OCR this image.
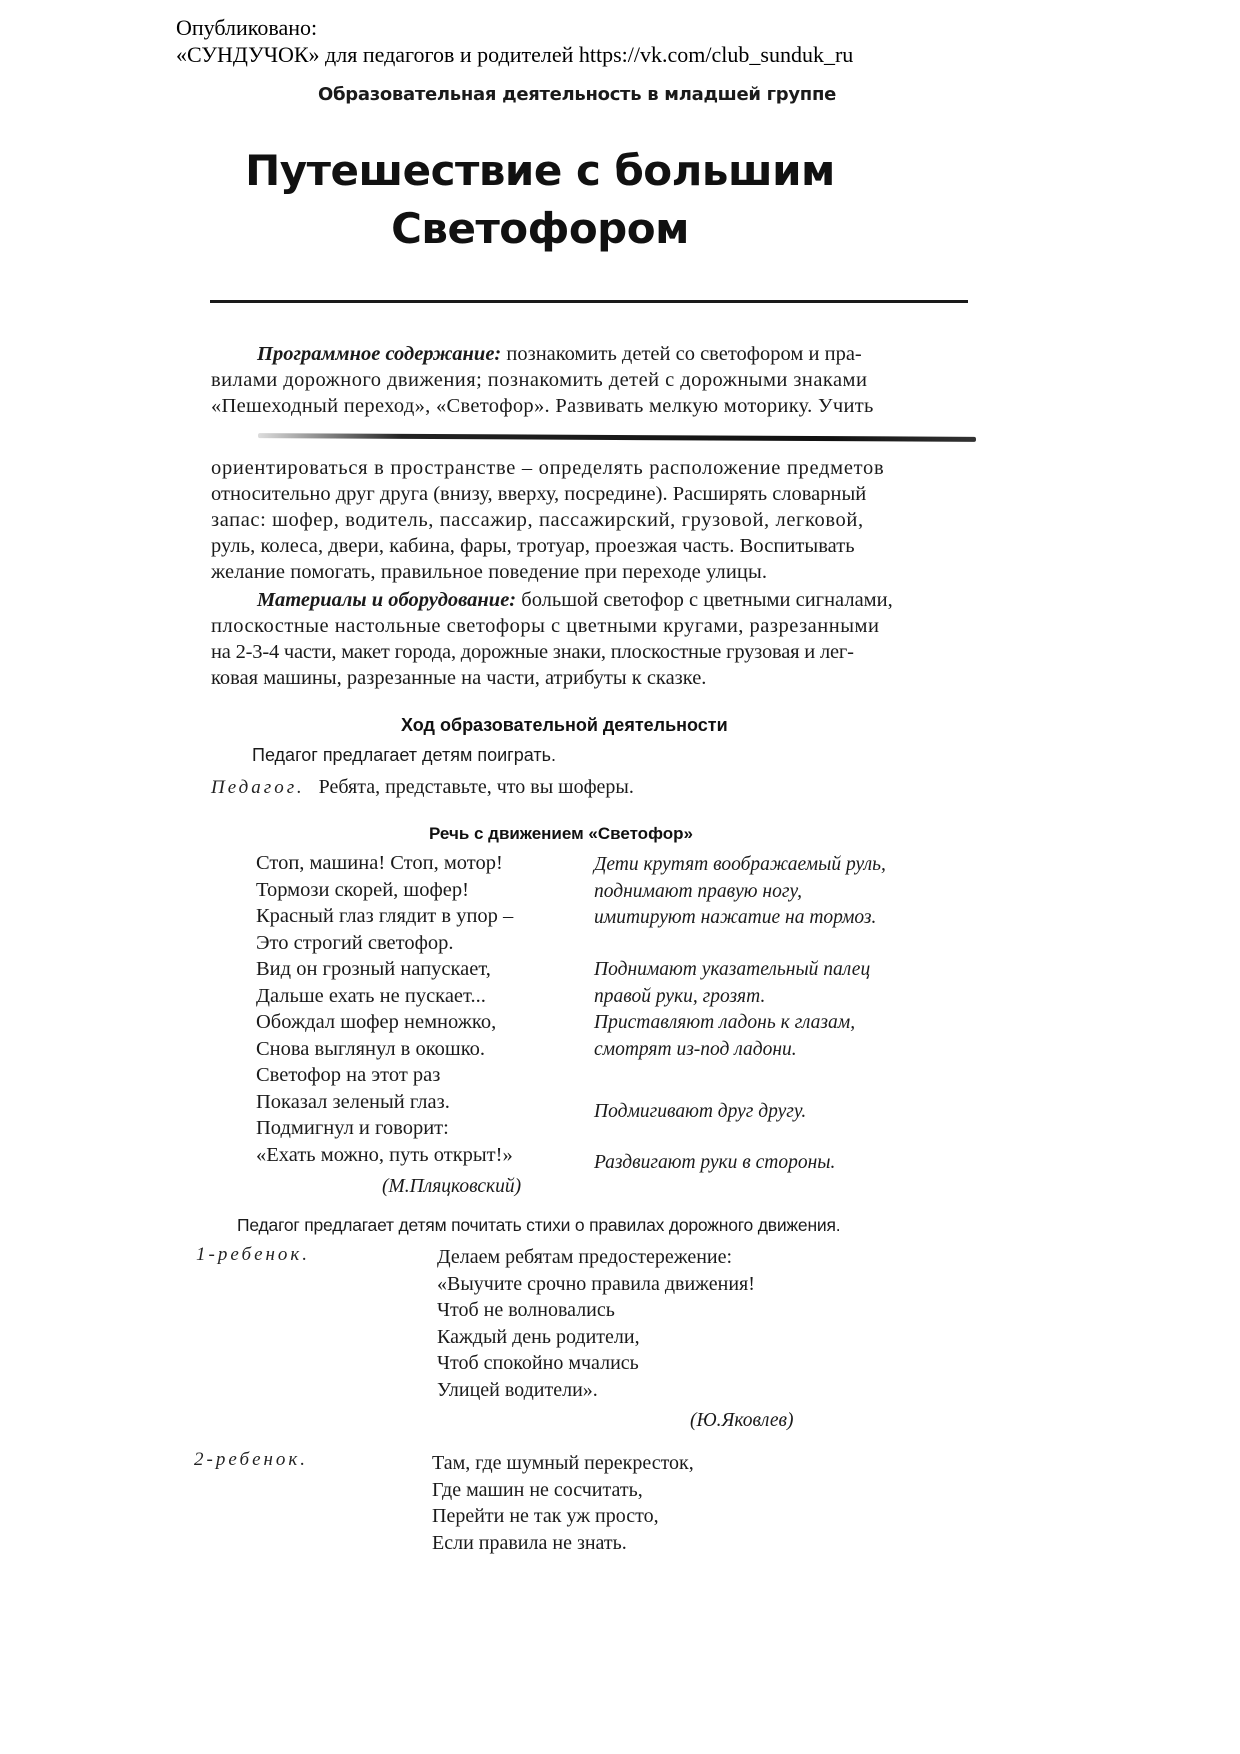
Опубликовано:
«СУНДУЧОК» для педагогов и родителей https://vk.com/club_sunduk_ru
Образовательная деятельность в младшей группе
Путешествие с большим
Светофором
Программное содержание: познакомить детей со светофором и пра-
вилами дорожного движения; познакомить детей с дорожными знаками
«Пешеходный переход», «Светофор». Развивать мелкую моторику. Учить
ориентироваться в пространстве – определять расположение предметов
относительно друг друга (внизу, вверху, посредине). Расширять словарный
запас: шофер, водитель, пассажир, пассажирский, грузовой, легковой,
руль, колеса, двери, кабина, фары, тротуар, проезжая часть. Воспитывать
желание помогать, правильное поведение при переходе улицы.
Материалы и оборудование: большой светофор с цветными сигналами,
плоскостные настольные светофоры с цветными кругами, разрезанными
на 2-3-4 части, макет города, дорожные знаки, плоскостные грузовая и лег-
ковая машины, разрезанные на части, атрибуты к сказке.
Ход образовательной деятельности
Педагог предлагает детям поиграть.
Педагог. Ребята, представьте, что вы шоферы.
Речь с движением «Светофор»
Стоп, машина! Стоп, мотор!
Тормози скорей, шофер!
Красный глаз глядит в упор –
Это строгий светофор.
Вид он грозный напускает,
Дальше ехать не пускает...
Обождал шофер немножко,
Снова выглянул в окошко.
Светофор на этот раз
Показал зеленый глаз.
Подмигнул и говорит:
«Ехать можно, путь открыт!»
(М.Пляцковский)
Дети крутят воображаемый руль,
поднимают правую ногу,
имитируют нажатие на тормоз.
Поднимают указательный палец
правой руки, грозят.
Приставляют ладонь к глазам,
смотрят из-под ладони.
Подмигивают друг другу.
Раздвигают руки в стороны.
Педагог предлагает детям почитать стихи о правилах дорожного движения.
1-ребенок.	Делаем ребятам предостережение:
«Выучите срочно правила движения!
Чтоб не волновались
Каждый день родители,
Чтоб спокойно мчались
Улицей водители».
(Ю.Яковлев)
2-ребенок.	Там, где шумный перекресток,
Где машин не сосчитать,
Перейти не так уж просто,
Если правила не знать.
